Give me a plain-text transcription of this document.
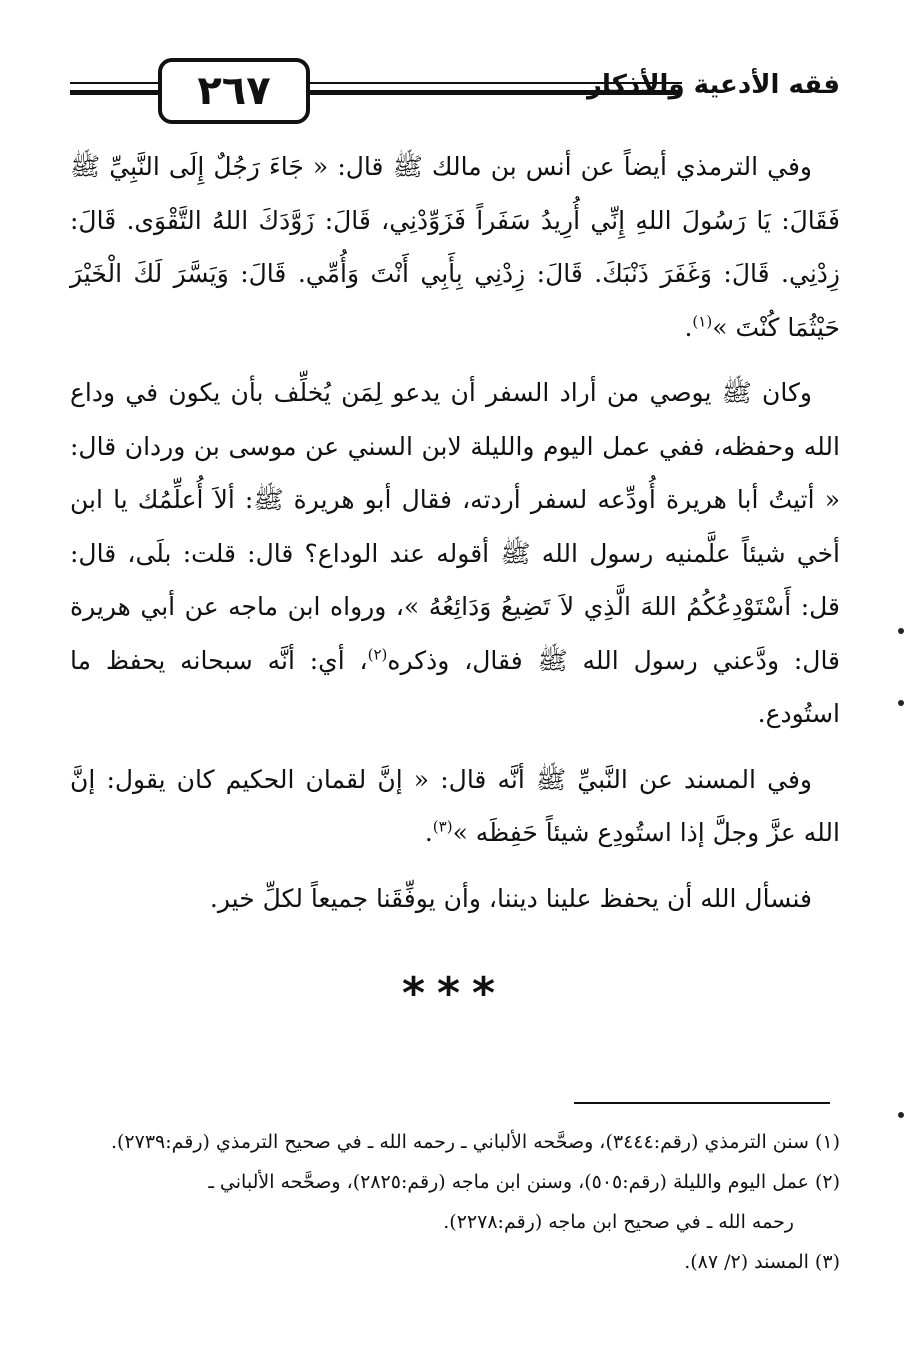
٢٦٧	فقه الأدعية والأذكار

وفي الترمذي أيضاً عن أنس بن مالك ﷺ قال: « جَاءَ رَجُلٌ إِلَى النَّبِيِّ ﷺ فَقَالَ: يَا رَسُولَ اللهِ إِنِّي أُرِيدُ سَفَراً فَزَوِّدْنِي، قَالَ: زَوَّدَكَ اللهُ التَّقْوَى. قَالَ: زِدْنِي. قَالَ: وَغَفَرَ ذَنْبَكَ. قَالَ: زِدْنِي بِأَبِي أَنْتَ وَأُمِّي. قَالَ: وَيَسَّرَ لَكَ الْخَيْرَ حَيْثُمَا كُنْتَ »$^{(١)}$.

وكان ﷺ يوصي من أراد السفر أن يدعو لِمَن يُخلِّف بأن يكون في وداع الله وحفظه، ففي عمل اليوم والليلة لابن السني عن موسى بن وردان قال: « أتيتُ أبا هريرة أُودِّعه لسفر أردته، فقال أبو هريرة ﷺ: ألاَ أُعلِّمُك يا ابن أخي شيئاً علَّمنيه رسول الله ﷺ أقوله عند الوداع؟ قال: قلت: بلَى، قال: قل: أَسْتَوْدِعُكُمُ اللهَ الَّذِي لاَ تَضِيعُ وَدَائِعُهُ »، ورواه ابن ماجه عن أبي هريرة قال: ودَّعني رسول الله ﷺ فقال، وذكره$^{(٢)}$، أي: أنَّه سبحانه يحفظ ما استُودع.

وفي المسند عن النَّبيِّ ﷺ أنَّه قال: « إنَّ لقمان الحكيم كان يقول: إنَّ الله عزَّ وجلَّ إذا استُودِع شيئاً حَفِظَه »$^{(٣)}$.

فنسأل الله أن يحفظ علينا ديننا، وأن يوفِّقَنا جميعاً لكلِّ خير.

***
(١) سنن الترمذي (رقم:٣٤٤٤)، وصحَّحه الألباني ـ رحمه الله ـ في صحيح الترمذي (رقم:٢٧٣٩).
(٢) عمل اليوم والليلة (رقم:٥٠٥)، وسنن ابن ماجه (رقم:٢٨٢٥)، وصحَّحه الألباني ـ
رحمه الله ـ في صحيح ابن ماجه (رقم:٢٢٧٨).
(٣) المسند (٢/ ٨٧).
